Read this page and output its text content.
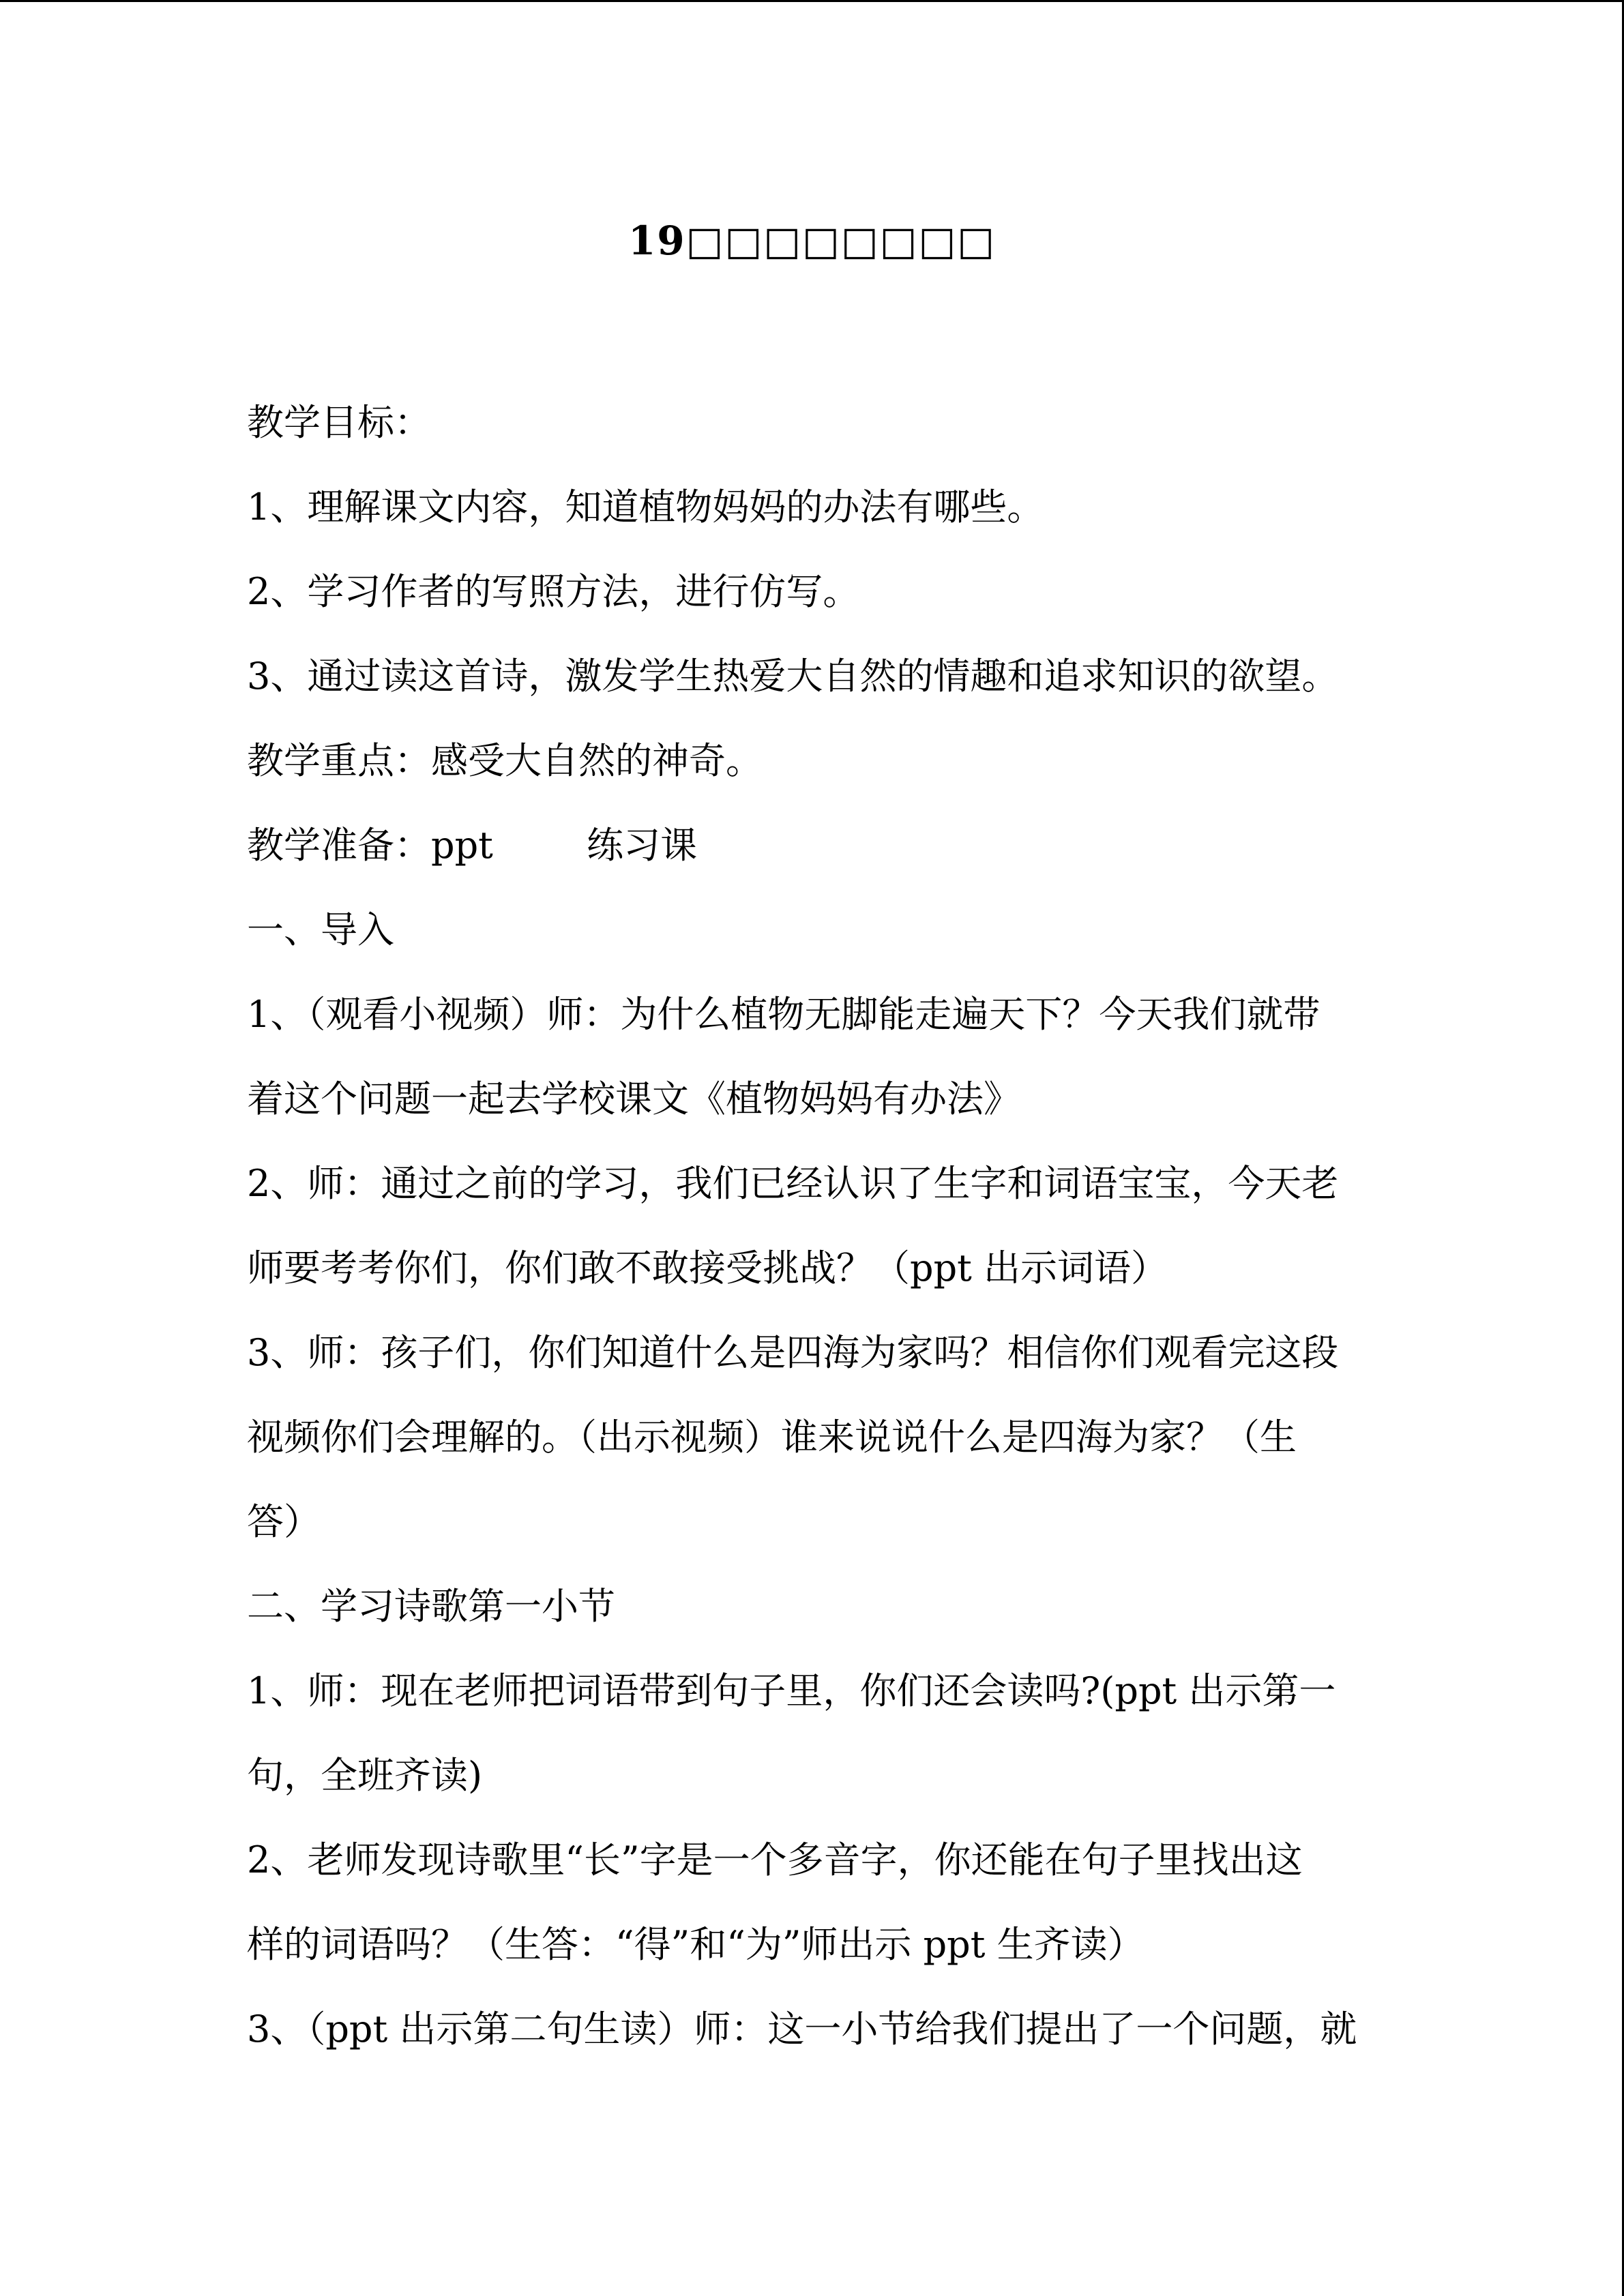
19□□□□□□□□
教学目标：
1、理解课文内容，知道植物妈妈的办法有哪些。
2、学习作者的写照方法，进行仿写。
3、通过读这首诗，激发学生热爱大自然的情趣和追求知识的欲望。
教学重点：感受大自然的神奇。
教学准备：ppt        练习课
一、导入
1、（观看小视频）师：为什么植物无脚能走遍天下？今天我们就带
着这个问题一起去学校课文《植物妈妈有办法》
2、师：通过之前的学习，我们已经认识了生字和词语宝宝，今天老
师要考考你们，你们敢不敢接受挑战？（ppt 出示词语）
3、师：孩子们，你们知道什么是四海为家吗？相信你们观看完这段
视频你们会理解的。（出示视频）谁来说说什么是四海为家？（生
答）
二、学习诗歌第一小节
1、师：现在老师把词语带到句子里，你们还会读吗?(ppt 出示第一
句，全班齐读)
2、老师发现诗歌里“长”字是一个多音字，你还能在句子里找出这
样的词语吗？（生答：“得”和“为”师出示 ppt 生齐读）
3、（ppt 出示第二句生读）师：这一小节给我们提出了一个问题，就
